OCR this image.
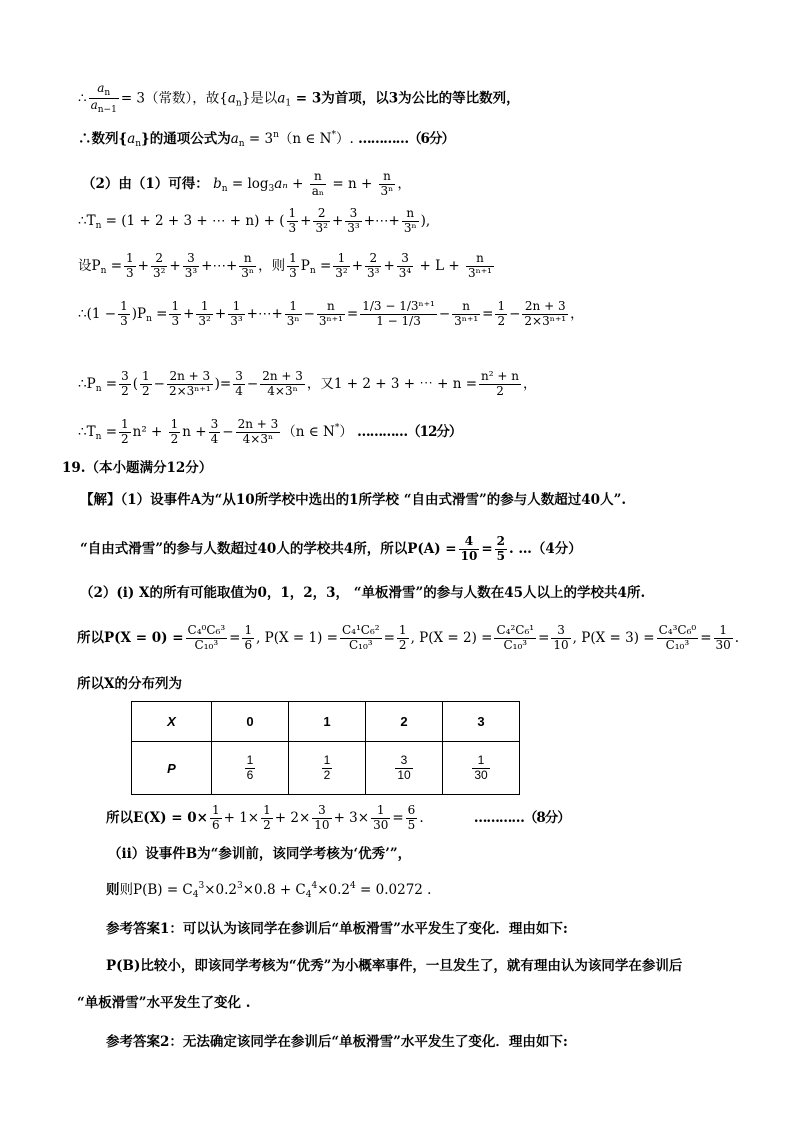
∴ $\frac{a_n}{a_{n-1}} = 3$（常数），故$\{a_n\}$是以$a_1 = 3$为首项，以3为公比的等比数列，
∴数列$\{a_n\}$的通项公式为$a_n = 3^n(n$ ∈ N*）. …………（6分）
（2）由（1）可得： $b_n = \log_3a_n + \frac{n}{\text{aₙ}} = n + \frac{n}{\text{3ⁿ}}$ ，
$\therefore T_n = (1 + 2 + 3$ + ⋯ + n) + ( $\frac{1}{3} + \frac{2}{\text{3²}} + \frac{3}{\text{3³}}$ +⋯+ $\frac{n}{\text{3ⁿ}}$ ),
设$P_n = \frac{1}{3} + \frac{2}{\text{3²}} + \frac{3}{\text{3³}}$ +⋯+ $\frac{n}{\text{3ⁿ}}$ ，则 $\frac{1}{3} P_n = \frac{1}{\text{3²}} + \frac{2}{\text{3³}} + \frac{3}{\text{3⁴}} + L + \frac{n}{\text{3ⁿ⁺¹}}$
∴(1 − $\frac{1}{3} )P_n = \frac{1}{3} + \frac{1}{\text{3²}} + \frac{1}{\text{3³}}$ +⋯+ $\frac{1}{\text{3ⁿ}} - \frac{n}{\text{3ⁿ⁺¹}} = \frac{\text{1/3 − 1/3ⁿ⁺¹}}{1 - 1/3} - \frac{n}{\text{3ⁿ⁺¹}} = \frac{1}{2} - \frac{2n + 3}{\text{2×3ⁿ⁺¹}}$ ，
$\therefore P_n = \frac{3}{2}$ ( $\frac{1}{2} - \frac{2n + 3}{\text{2×3ⁿ⁺¹}}$ )= $\frac{3}{4} - \frac{2n + 3}{\text{4×3ⁿ}}$ ，又1 + 2 + 3 + ⋯ + $n = \frac{\text{n² + n}}{2}$ ，
$\therefore T_n = \frac{1}{2} n^2 + \frac{1}{2}$ $n + \frac{3}{4} - \frac{2n + 3}{\text{4×3ⁿ}} (n$ ∈ N*） …………（12分）
19.（本小题满分12分）
【解】（1）设事件A为“从10所学校中选出的1所学校 “自由式滑雪”的参与人数超过40人”.
“自由式滑雪”的参与人数超过40人的学校共4所，所以$P(A) = \frac{4}{10} = \frac{2}{5}$ . …（4分）
（2）(i) X的所有可能取值为0，1，2，3， “单板滑雪”的参与人数在45人以上的学校共4所.
所以$P(X = 0) = \frac{\text{C₄⁰C₆³}}{\text{C₁₀³}} = \frac{1}{6}$ , $P(X = 1) = \frac{\text{C₄¹C₆²}}{\text{C₁₀³}} = \frac{1}{2}$ , $P(X = 2) = \frac{\text{C₄²C₆¹}}{\text{C₁₀³}} = \frac{3}{10}$ , $P(X = 3) = \frac{\text{C₄³C₆⁰}}{\text{C₁₀³}} = \frac{1}{30}$ .
所以X的分布列为
X	0	1	2	3
P	$\frac{1}{6}$	$\frac{1}{2}$	$\frac{3}{10}$	$\frac{1}{30}$
所以$E(X) = 0\times \frac{1}{6} + 1\times \frac{1}{2} + 2\times \frac{3}{10} + 3\times \frac{1}{30} = \frac{6}{5}$ .	…………（8分）
（ii）设事件B为“参训前，该同学考核为‘优秀’”，
则则$P(B) = C_4^3\times 0.2^3\times 0.8 + C_4^4\times 0.2^4 = 0.0272$ .
参考答案1：可以认为该同学在参训后“单板滑雪”水平发生了变化．理由如下:
P(B)比较小，即该同学考核为“优秀”为小概率事件，一旦发生了，就有理由认为该同学在参训后
“单板滑雪”水平发生了变化 .
参考答案2：无法确定该同学在参训后“单板滑雪”水平发生了变化．理由如下:
